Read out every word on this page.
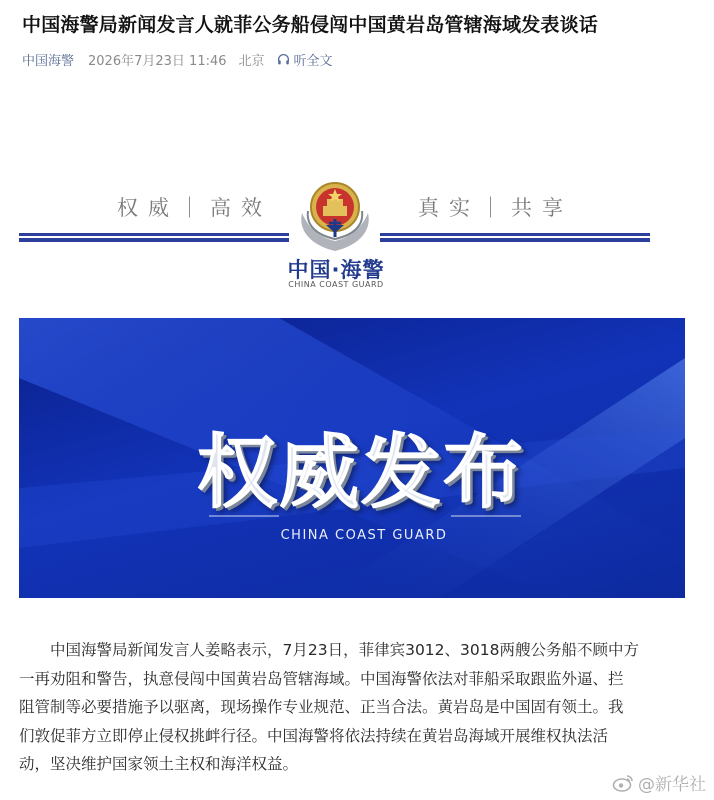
中国海警局新闻发言人就菲公务船侵闯中国黄岩岛管辖海域发表谈话
中国海警 2026年7月23日 11:46 北京 听全文
权威｜高效	真实｜共享
中国·海警
CHINA COAST GUARD
权威发布
CHINA COAST GUARD
中国海警局新闻发言人姜略表示，7月23日，菲律宾3012、3018两艘公务船不顾中方
一再劝阻和警告，执意侵闯中国黄岩岛管辖海域。中国海警依法对菲船采取跟监外逼、拦
阻管制等必要措施予以驱离，现场操作专业规范、正当合法。黄岩岛是中国固有领土。我
们敦促菲方立即停止侵权挑衅行径。中国海警将依法持续在黄岩岛海域开展维权执法活
动，坚决维护国家领土主权和海洋权益。
@新华社
